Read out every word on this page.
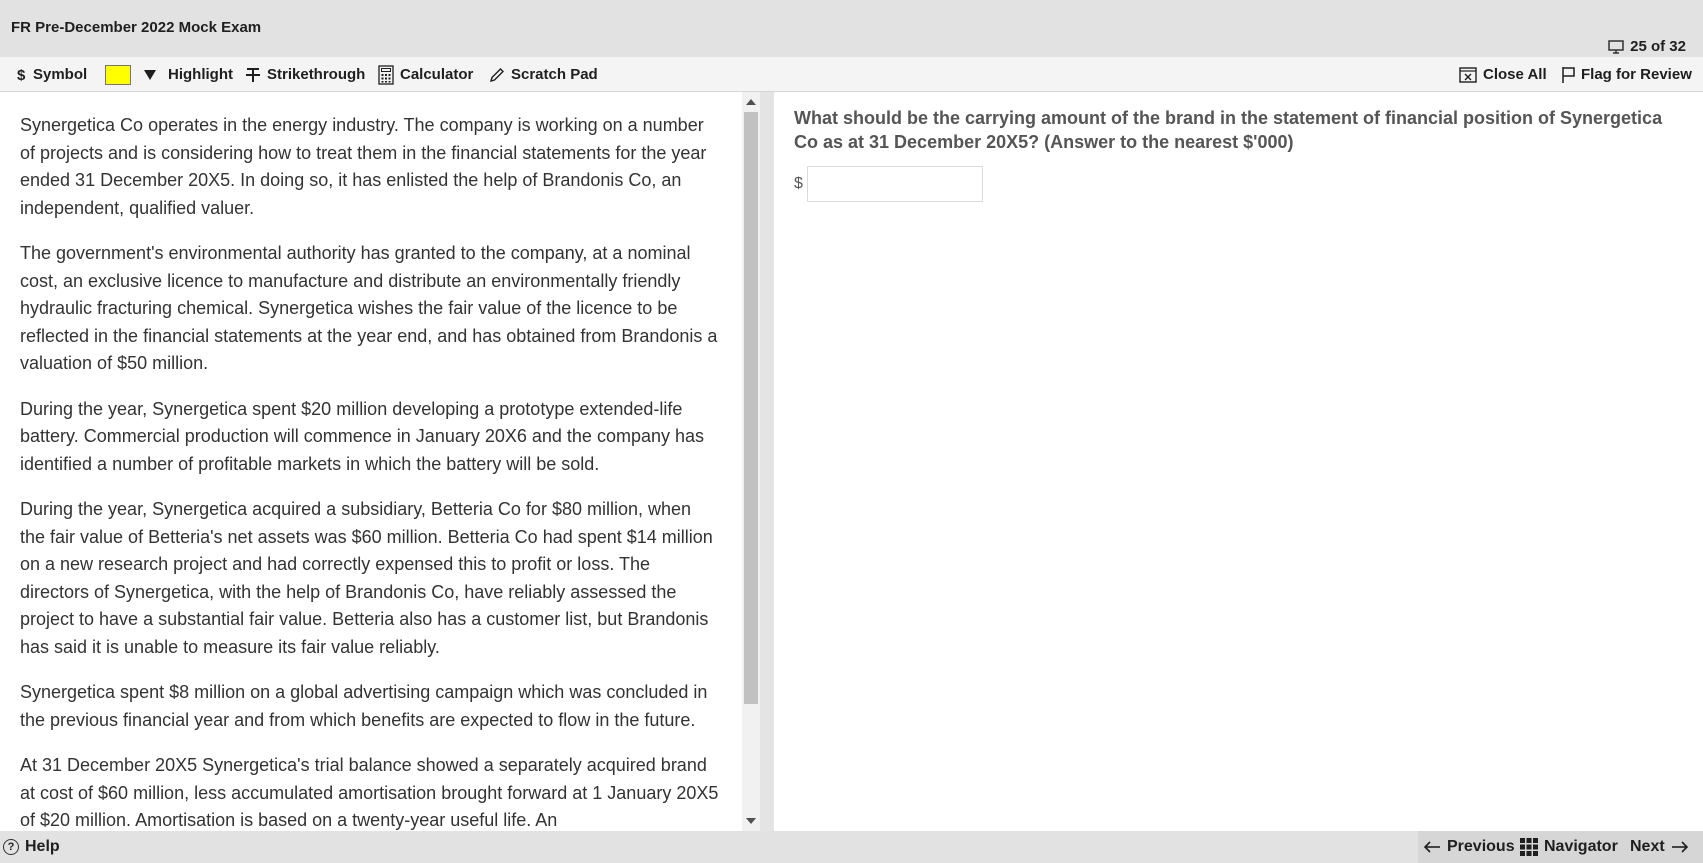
FR Pre-December 2022 Mock Exam
25 of 32
$ Symbol	Highlight Strikethrough Calculator	Scratch Pad	Close All Flag for Review

Synergetica Co operates in the energy industry. The company is working on a number of projects and is considering how to treat them in the financial statements for the year ended 31 December 20X5. In doing so, it has enlisted the help of Brandonis Co, an independent, qualified valuer.

The government's environmental authority has granted to the company, at a nominal cost, an exclusive licence to manufacture and distribute an environmentally friendly hydraulic fracturing chemical. Synergetica wishes the fair value of the licence to be reflected in the financial statements at the year end, and has obtained from Brandonis a valuation of $50 million.

During the year, Synergetica spent $20 million developing a prototype extended-life battery. Commercial production will commence in January 20X6 and the company has identified a number of profitable markets in which the battery will be sold.

During the year, Synergetica acquired a subsidiary, Betteria Co for $80 million, when the fair value of Betteria's net assets was $60 million. Betteria Co had spent $14 million on a new research project and had correctly expensed this to profit or loss. The directors of Synergetica, with the help of Brandonis Co, have reliably assessed the project to have a substantial fair value. Betteria also has a customer list, but Brandonis has said it is unable to measure its fair value reliably.

Synergetica spent $8 million on a global advertising campaign which was concluded in the previous financial year and from which benefits are expected to flow in the future.

At 31 December 20X5 Synergetica's trial balance showed a separately acquired brand at cost of $60 million, less accumulated amortisation brought forward at 1 January 20X5 of $20 million. Amortisation is based on a twenty-year useful life. An

What should be the carrying amount of the brand in the statement of financial position of Synergetica Co as at 31 December 20X5? (Answer to the nearest $'000)
$
? Help	Previous Navigator Next
